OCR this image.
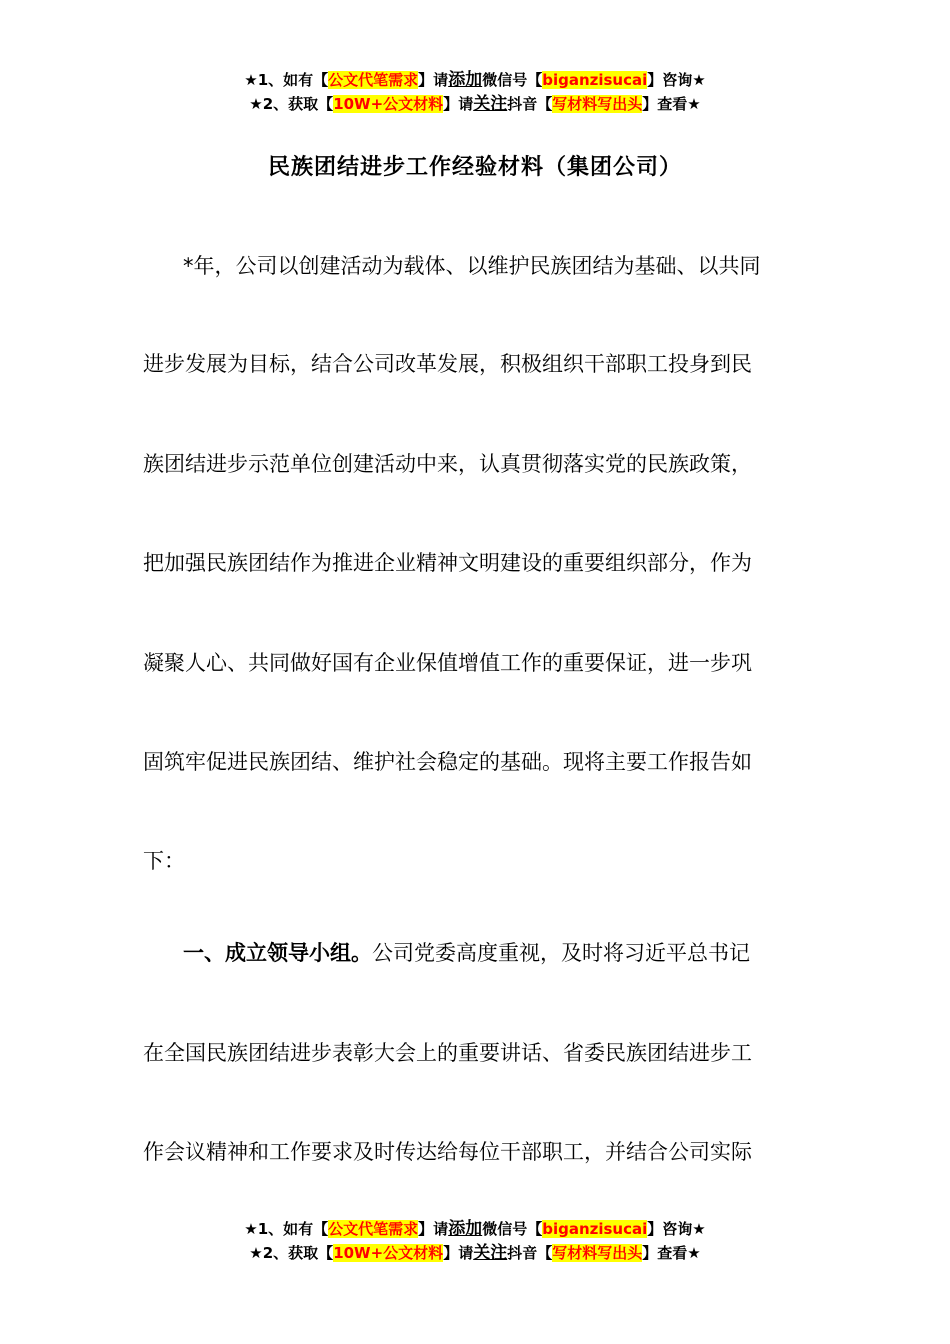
★1、如有【公文代笔需求】请添加微信号【biganzisucai】咨询★
★2、获取【10W+公文材料】请关注抖音【写材料写出头】查看★
民族团结进步工作经验材料（集团公司）
*年，公司以创建活动为载体、以维护民族团结为基础、以共同
进步发展为目标，结合公司改革发展，积极组织干部职工投身到民
族团结进步示范单位创建活动中来，认真贯彻落实党的民族政策，
把加强民族团结作为推进企业精神文明建设的重要组织部分，作为
凝聚人心、共同做好国有企业保值增值工作的重要保证，进一步巩
固筑牢促进民族团结、维护社会稳定的基础。现将主要工作报告如
下：
一、成立领导小组。公司党委高度重视，及时将习近平总书记
在全国民族团结进步表彰大会上的重要讲话、省委民族团结进步工
作会议精神和工作要求及时传达给每位干部职工，并结合公司实际
★1、如有【公文代笔需求】请添加微信号【biganzisucai】咨询★
★2、获取【10W+公文材料】请关注抖音【写材料写出头】查看★
